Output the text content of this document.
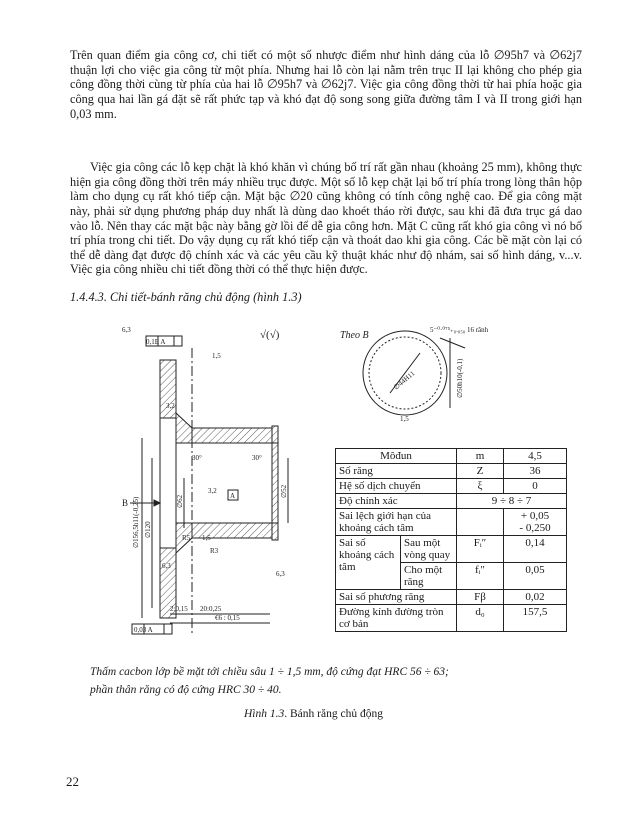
Trên quan điểm gia công cơ, chi tiết có một số nhược điểm như hình dáng của lỗ ∅95h7 và ∅62j7 thuận lợi cho việc gia công từ một phía. Nhưng hai lỗ còn lại nằm trên trục II lại không cho phép gia công đồng thời cùng từ phía của hai lỗ ∅95h7 và ∅62j7. Việc gia công đồng thời từ hai phía hoặc gia công qua hai lần gá đặt sẽ rất phức tạp và khó đạt độ song song giữa đường tâm I và II trong giới hạn 0,03 mm.

Việc gia công các lỗ kẹp chặt là khó khăn vì chúng bố trí rất gần nhau (khoảng 25 mm), không thực hiện gia công đồng thời trên máy nhiều trục được. Một số lỗ kẹp chặt lại bố trí phía trong lòng thân hộp làm cho dụng cụ rất khó tiếp cận. Mặt bậc ∅20 cũng không có tính công nghệ cao. Để gia công mặt này, phải sử dụng phương pháp duy nhất là dùng dao khoét tháo rời được, sau khi đã đưa trục gá dao vào lỗ. Nên thay các mặt bậc này bằng gờ lồi để dễ gia công hơn. Mặt C cũng rất khó gia công vì nó bố trí phía trong chi tiết. Do vậy dụng cụ rất khó tiếp cận và thoát dao khi gia công. Các bề mặt còn lại có thể dễ dàng đạt được độ chính xác và các yêu cầu kỹ thuật khác như độ nhám, sai số hình dáng, v...v. Việc gia công nhiều chi tiết đồng thời có thể thực hiện được.

1.4.4.3. Chi tiết-bánh răng chủ động (hình 1.3)
Theo B	5⁻⁰·⁰⁷⁵₊₀.₀₅₀ 16 rãnh
B
√(√)
0,1E A
0,03 A
A
2:0,15 20:0,25
€6 : 0,15
R5
R3
30°	30°
6,3
1,5
3,2
1,5
3,2
6,3
6,3
1,5
∅156,5h11(-0,25) ∅120
∅62
∅52
∅50h10(-0,1)
∅44H11
Môđun		m	4,5
Số răng		Z	36
Hệ số dịch chuyển		ξ	0
Độ chính xác		9 ÷ 8 ÷ 7	
Sai lệch giới hạn của khoảng cách tâm			+ 0,05
- 0,250
Sai số khoảng cách tâm	Sau một vòng quay	Fᵢ″	0,14
	Cho một răng	fᵢ″	0,05
Sai số phương răng		Fβ	0,02
Đường kính đường tròn cơ bản		d₀	157,5
Thấm cacbon lớp bề mặt tới chiều sâu 1 ÷ 1,5 mm, độ cứng đạt HRC 56 ÷ 63;
phần thân răng có độ cứng HRC 30 ÷ 40.
Hình 1.3. Bánh răng chủ động
22
